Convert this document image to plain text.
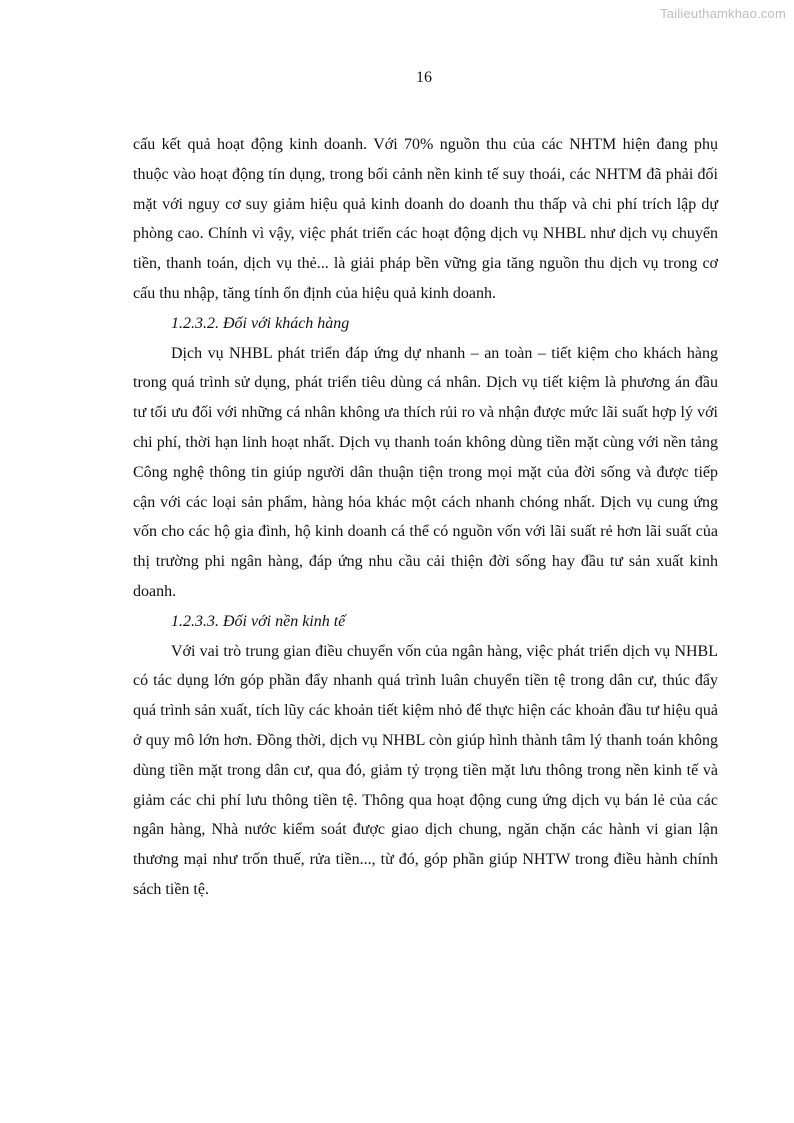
Tailieuthamkhao.com
16

cấu kết quả hoạt động kinh doanh. Với 70% nguồn thu của các NHTM hiện đang phụ thuộc vào hoạt động tín dụng, trong bối cảnh nền kinh tế suy thoái, các NHTM đã phải đối mặt với nguy cơ suy giảm hiệu quả kinh doanh do doanh thu thấp và chi phí trích lập dự phòng cao. Chính vì vậy, việc phát triển các hoạt động dịch vụ NHBL như dịch vụ chuyển tiền, thanh toán, dịch vụ thẻ... là giải pháp bền vững gia tăng nguồn thu dịch vụ trong cơ cấu thu nhập, tăng tính ổn định của hiệu quả kinh doanh.

1.2.3.2. Đối với khách hàng

Dịch vụ NHBL phát triển đáp ứng dự nhanh – an toàn – tiết kiệm cho khách hàng trong quá trình sử dụng, phát triển tiêu dùng cá nhân. Dịch vụ tiết kiệm là phương án đầu tư tối ưu đối với những cá nhân không ưa thích rủi ro và nhận được mức lãi suất hợp lý với chi phí, thời hạn linh hoạt nhất. Dịch vụ thanh toán không dùng tiền mặt cùng với nền tảng Công nghệ thông tin giúp người dân thuận tiện trong mọi mặt của đời sống và được tiếp cận với các loại sản phẩm, hàng hóa khác một cách nhanh chóng nhất. Dịch vụ cung ứng vốn cho các hộ gia đình, hộ kinh doanh cá thể có nguồn vốn với lãi suất rẻ hơn lãi suất của thị trường phi ngân hàng, đáp ứng nhu cầu cải thiện đời sống hay đầu tư sản xuất kinh doanh.

1.2.3.3. Đối với nền kinh tế

Với vai trò trung gian điều chuyển vốn của ngân hàng, việc phát triển dịch vụ NHBL có tác dụng lớn góp phần đẩy nhanh quá trình luân chuyển tiền tệ trong dân cư, thúc đẩy quá trình sản xuất, tích lũy các khoản tiết kiệm nhỏ để thực hiện các khoản đầu tư hiệu quả ở quy mô lớn hơn. Đồng thời, dịch vụ NHBL còn giúp hình thành tâm lý thanh toán không dùng tiền mặt trong dân cư, qua đó, giảm tỷ trọng tiền mặt lưu thông trong nền kinh tế và giảm các chi phí lưu thông tiền tệ. Thông qua hoạt động cung ứng dịch vụ bán lẻ của các ngân hàng, Nhà nước kiểm soát được giao dịch chung, ngăn chặn các hành vi gian lận thương mại như trốn thuế, rửa tiền..., từ đó, góp phần giúp NHTW trong điều hành chính sách tiền tệ.
